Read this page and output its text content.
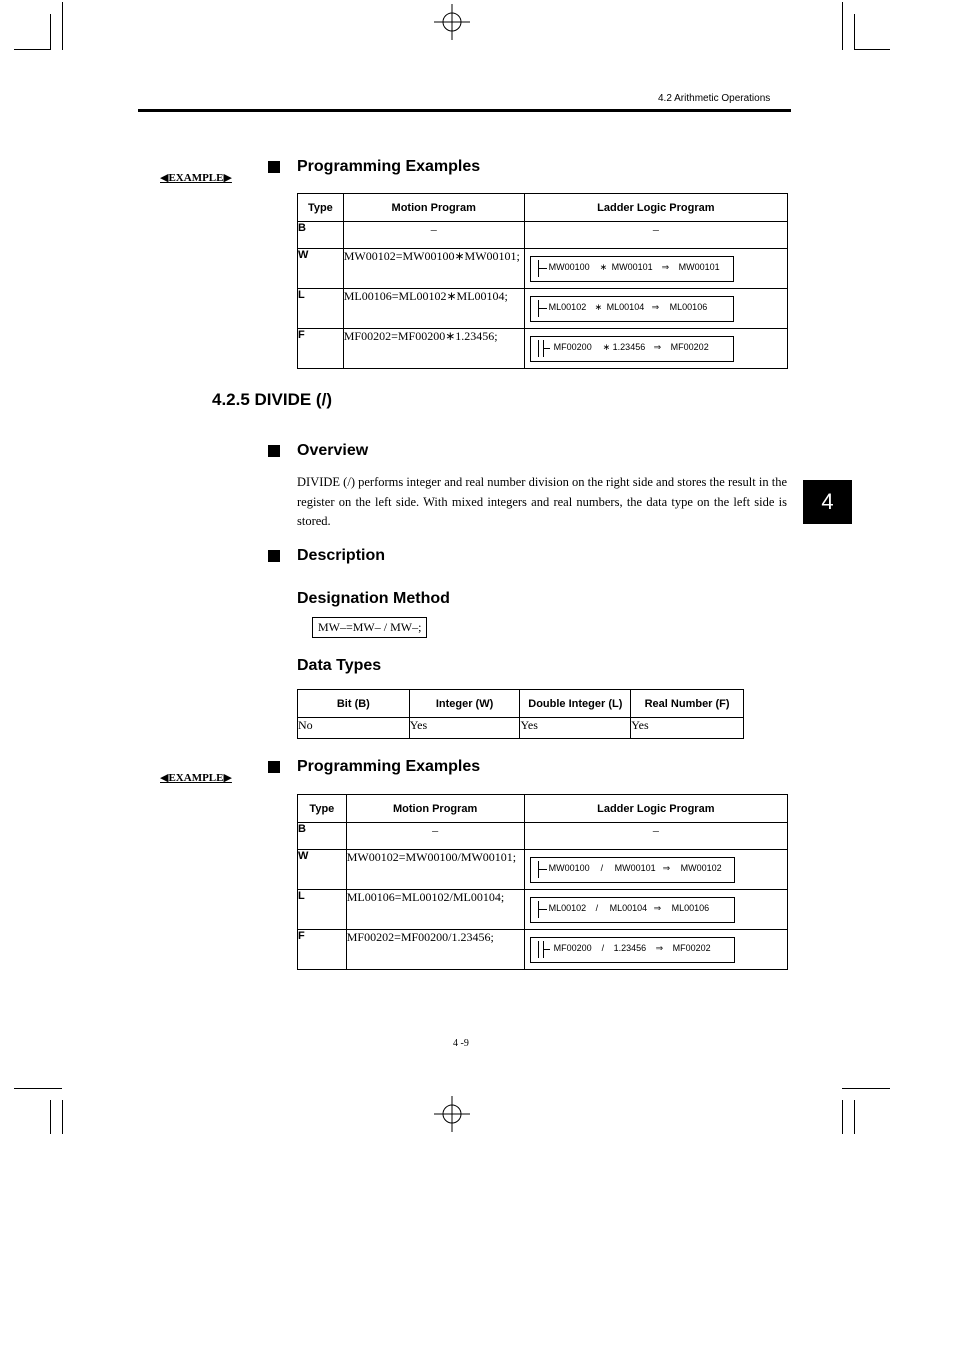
4.2 Arithmetic Operations
4
◀EXAMPLE▶
Programming Examples
Type	Motion Program	Ladder Logic Program
B	–	–
W	MW00102=MW00100∗MW00101;	MW00100 ∗ MW00101 ⇒ MW00101

L	ML00106=ML00102∗ML00104;	ML00102 ∗ ML00104 ⇒ ML00106

F	MF00202=MF00200∗1.23456;	MF00200 ∗ 1.23456 ⇒ MF00202
4.2.5 DIVIDE (/)
Overview
DIVIDE (/) performs integer and real number division on the right side and stores the result in the register on the left side. With mixed integers and real numbers, the data type on the left side is stored.
Description
Designation Method
MW–=MW– / MW–;
Data Types
Bit (B)	Integer (W)	Double Integer (L)	Real Number (F)
No	Yes	Yes	Yes
◀EXAMPLE▶
Programming Examples
Type	Motion Program	Ladder Logic Program
B	–	–
W	MW00102=MW00100/MW00101;	MW00100 / MW00101 ⇒ MW00102

L	ML00106=ML00102/ML00104;	ML00102 / ML00104 ⇒ ML00106

F	MF00202=MF00200/1.23456;	MF00200 / 1.23456 ⇒ MF00202
4 -9
